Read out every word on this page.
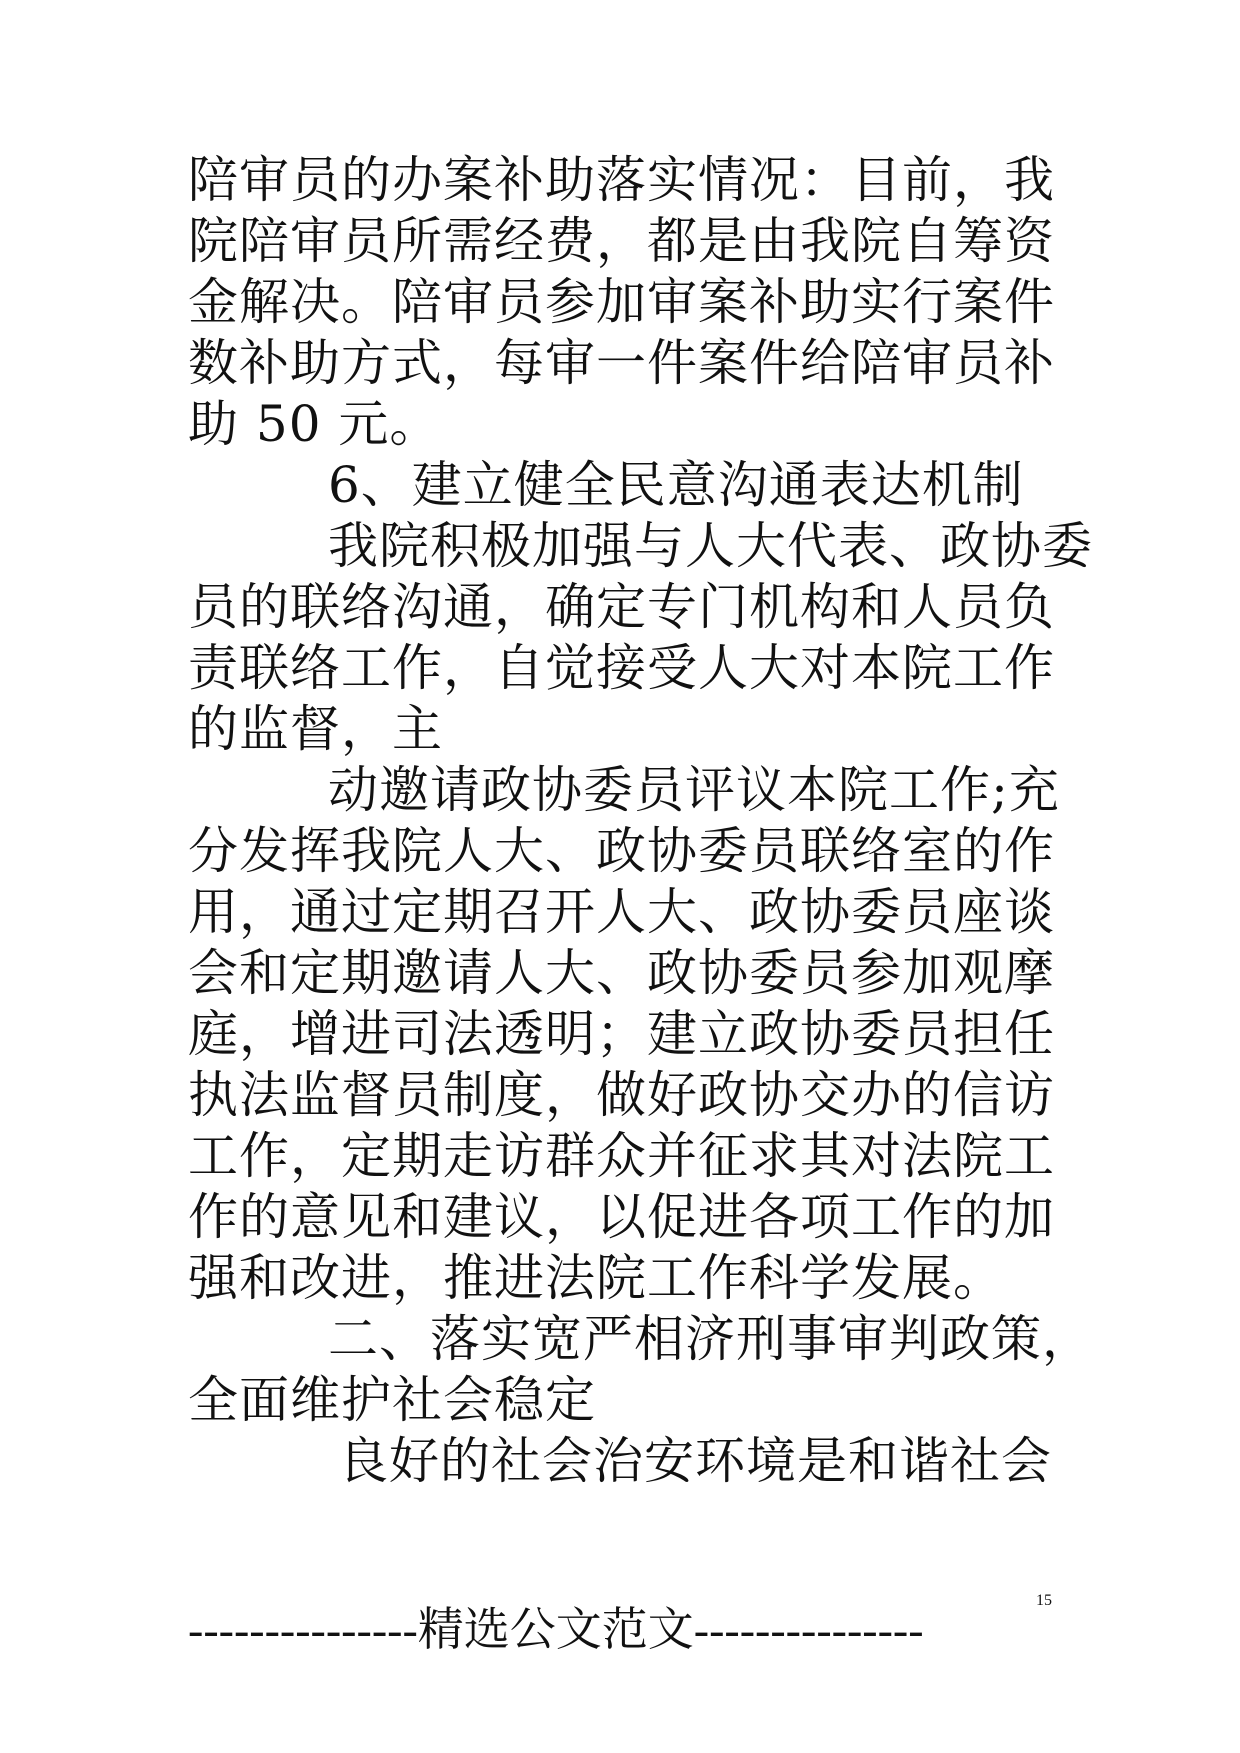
陪审员的办案补助落实情况：目前，我
院陪审员所需经费，都是由我院自筹资
金解决。陪审员参加审案补助实行案件
数补助方式，每审一件案件给陪审员补
助 50 元。
6、建立健全民意沟通表达机制
我院积极加强与人大代表、政协委
员的联络沟通，确定专门机构和人员负
责联络工作，自觉接受人大对本院工作
的监督，主
动邀请政协委员评议本院工作;充
分发挥我院人大、政协委员联络室的作
用，通过定期召开人大、政协委员座谈
会和定期邀请人大、政协委员参加观摩
庭，增进司法透明；建立政协委员担任
执法监督员制度，做好政协交办的信访
工作，定期走访群众并征求其对法院工
作的意见和建议，以促进各项工作的加
强和改进，推进法院工作科学发展。
二、落实宽严相济刑事审判政策，
全面维护社会稳定
良好的社会治安环境是和谐社会
15
---------------精选公文范文---------------
